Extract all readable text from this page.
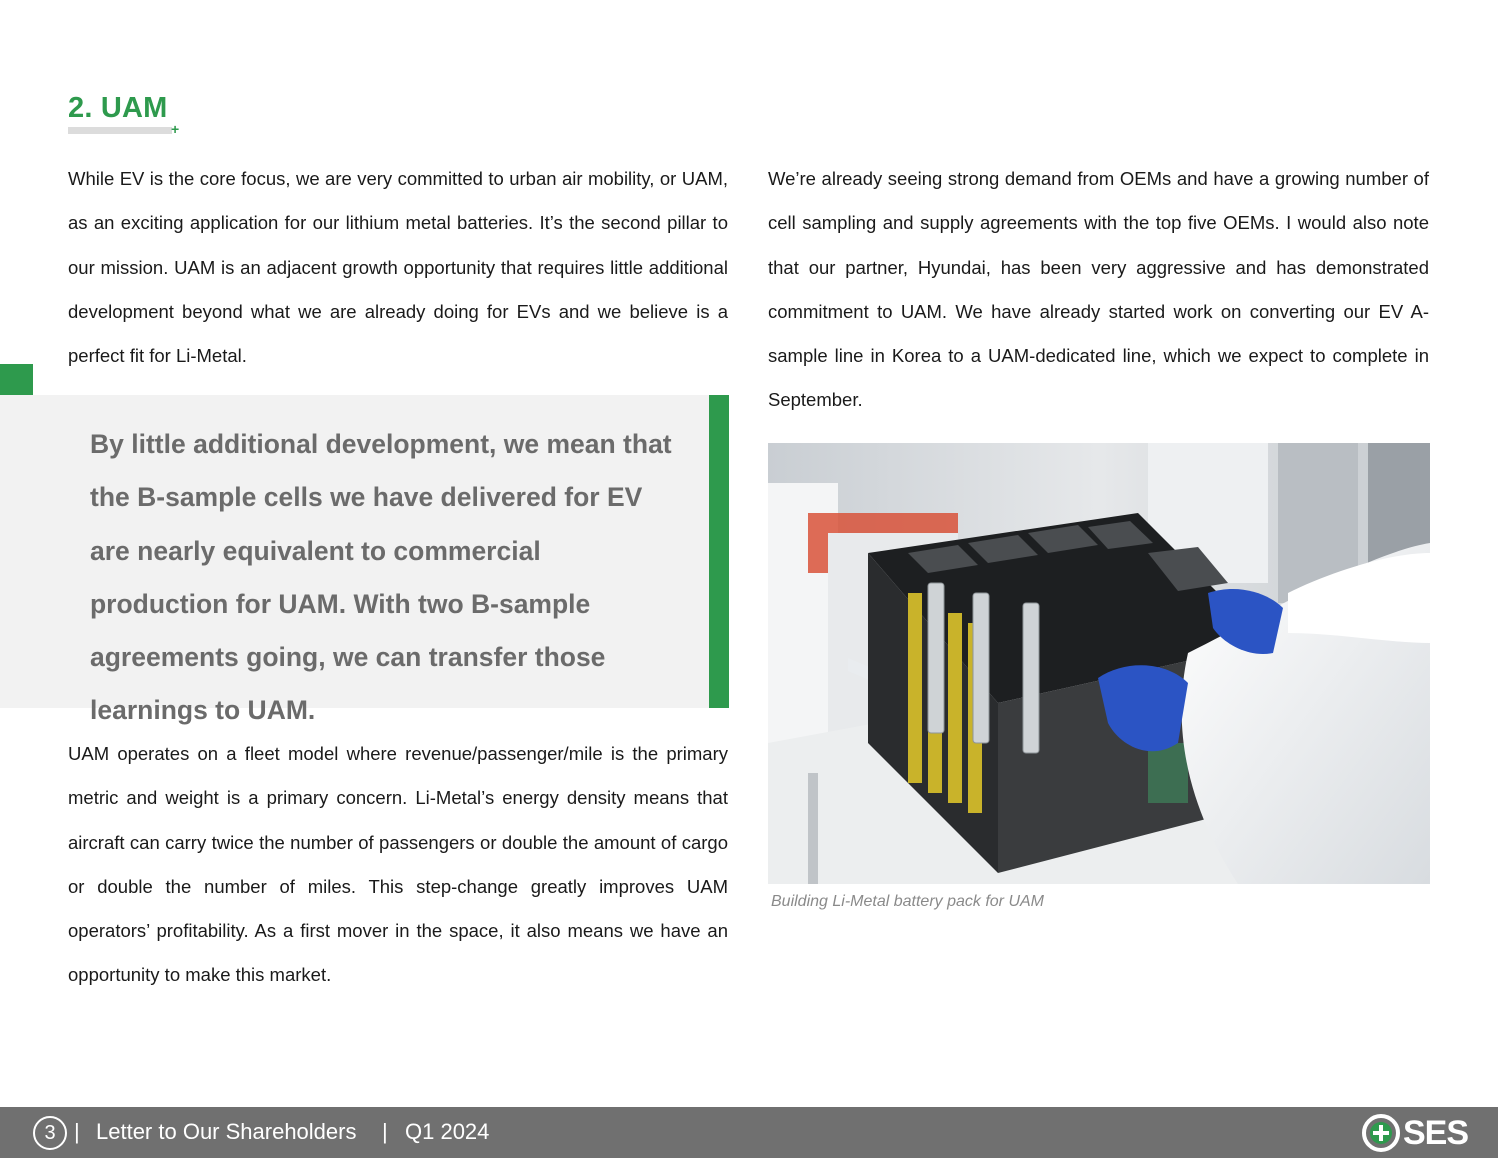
2. UAM
+

While EV is the core focus, we are very committed to urban air mobility, or UAM, as an exciting application for our lithium metal batteries. It’s the second pillar to our mission. UAM is an adjacent growth opportunity that requires little additional development beyond what we are already doing for EVs and we believe is a perfect fit for Li-Metal.

We’re already seeing strong demand from OEMs and have a growing number of cell sampling and supply agreements with the top five OEMs. I would also note that our partner, Hyundai, has been very aggressive and has demonstrated commitment to UAM. We have already started work on converting our EV A-sample line in Korea to a UAM-dedicated line, which we expect to complete in September.

By little additional development, we mean that the B-sample cells we have delivered for EV are nearly equivalent to commercial production for UAM. With two B-sample agreements going, we can transfer those learnings to UAM.

UAM operates on a fleet model where revenue/passenger/mile is the primary metric and weight is a primary concern. Li-Metal’s energy density means that aircraft can carry twice the number of passengers or double the amount of cargo or double the number of miles. This step-change greatly improves UAM operators’ profitability. As a first mover in the space, it also means we have an opportunity to make this market.

Building Li-Metal battery pack for UAM

3 | Letter to Our Shareholders | Q1 2024	SES
